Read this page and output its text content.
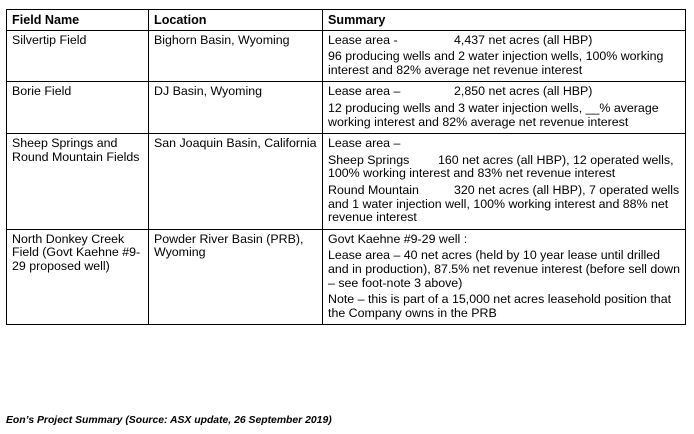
Field Name	Location	Summary
Silvertip Field	Bighorn Basin, Wyoming	Lease area - 4,437 net acres (all HBP)

96 producing wells and 2 water injection wells, 100% working interest and 82% average net revenue interest

Borie Field	DJ Basin, Wyoming	Lease area – 2,850 net acres (all HBP)

12 producing wells and 3 water injection wells, __% average working interest and 82% average net revenue interest

Sheep Springs and Round Mountain Fields	San Joaquin Basin, California	Lease area –

Sheep Springs 160 net acres (all HBP), 12 operated wells, 100% working interest and 83% net revenue interest

Round Mountain 320 net acres (all HBP), 7 operated wells and 1 water injection well, 100% working interest and 88% net revenue interest

North Donkey Creek Field (Govt Kaehne #9-29 proposed well)	Powder River Basin (PRB), Wyoming	Govt Kaehne #9-29 well :

Lease area – 40 net acres (held by 10 year lease until drilled and in production), 87.5% net revenue interest (before sell down – see foot-note 3 above)

Note – this is part of a 15,000 net acres leasehold position that the Company owns in the PRB

Eon’s Project Summary (Source: ASX update, 26 September 2019)
